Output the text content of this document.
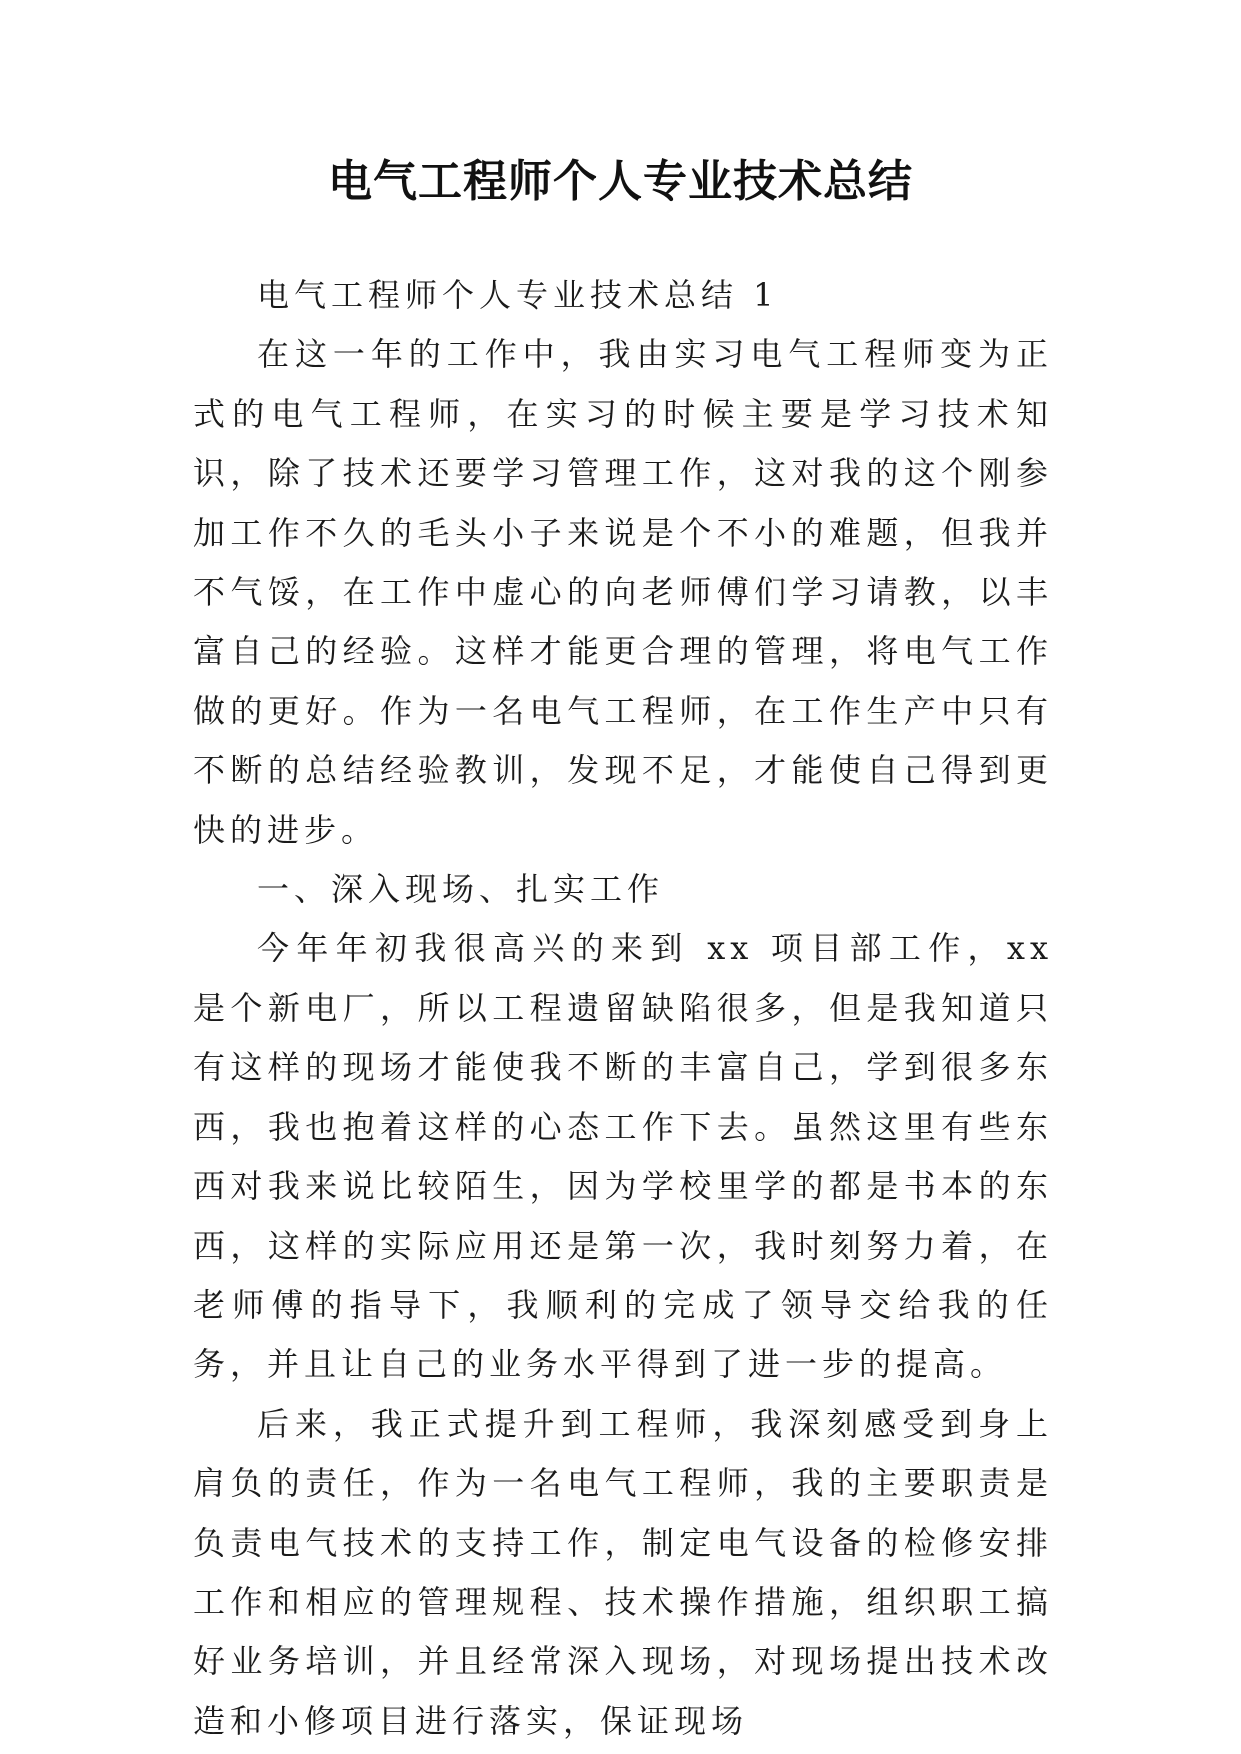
电气工程师个人专业技术总结

电气工程师个人专业技术总结 1

在这一年的工作中，我由实习电气工程师变为正式的电气工程师，在实习的时候主要是学习技术知识，除了技术还要学习管理工作，这对我的这个刚参加工作不久的毛头小子来说是个不小的难题，但我并不气馁，在工作中虚心的向老师傅们学习请教，以丰富自己的经验。这样才能更合理的管理，将电气工作做的更好。作为一名电气工程师，在工作生产中只有不断的总结经验教训，发现不足，才能使自己得到更快的进步。

一、深入现场、扎实工作

今年年初我很高兴的来到 xx 项目部工作，xx 是个新电厂，所以工程遗留缺陷很多，但是我知道只有这样的现场才能使我不断的丰富自己，学到很多东西，我也抱着这样的心态工作下去。虽然这里有些东西对我来说比较陌生，因为学校里学的都是书本的东西，这样的实际应用还是第一次，我时刻努力着，在老师傅的指导下，我顺利的完成了领导交给我的任务，并且让自己的业务水平得到了进一步的提高。

后来，我正式提升到工程师，我深刻感受到身上肩负的责任，作为一名电气工程师，我的主要职责是负责电气技术的支持工作，制定电气设备的检修安排工作和相应的管理规程、技术操作措施，组织职工搞好业务培训，并且经常深入现场，对现场提出技术改造和小修项目进行落实，保证现场
